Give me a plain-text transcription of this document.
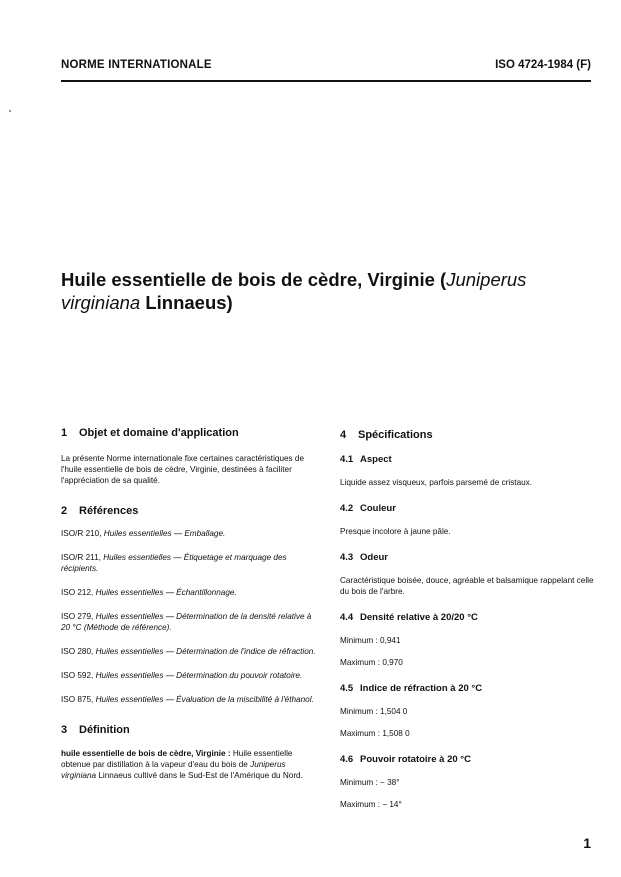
NORME INTERNATIONALE	ISO 4724-1984 (F)
Huile essentielle de bois de cèdre, Virginie (Juniperus
virginiana Linnaeus)
1 Objet et domaine d'application

La présente Norme internationale fixe certaines caractéristiques de l'huile essentielle de bois de cèdre, Virginie, destinées à faciliter l'appréciation de sa qualité.

2 Références

ISO/R 210, Huiles essentielles — Emballage.

ISO/R 211, Huiles essentielles — Étiquetage et marquage des récipients.

ISO 212, Huiles essentielles — Échantillonnage.

ISO 279, Huiles essentielles — Détermination de la densité relative à 20 °C (Méthode de référence).

ISO 280, Huiles essentielles — Détermination de l'indice de réfraction.

ISO 592, Huiles essentielles — Détermination du pouvoir rotatoire.

ISO 875, Huiles essentielles — Évaluation de la miscibilité à l'éthanol.

3 Définition

huile essentielle de bois de cèdre, Virginie : Huile essentielle obtenue par distillation à la vapeur d'eau du bois de Juniperus virginiana Linnaeus cultivé dans le Sud-Est de l'Amérique du Nord.

4 Spécifications
4.1 Aspect

Liquide assez visqueux, parfois parsemé de cristaux.

4.2 Couleur

Presque incolore à jaune pâle.

4.3 Odeur

Caractéristique boisée, douce, agréable et balsamique rappelant celle du bois de l'arbre.

4.4 Densité relative à 20/20 °C

Minimum : 0,941

Maximum : 0,970

4.5 Indice de réfraction à 20 °C

Minimum : 1,504 0

Maximum : 1,508 0

4.6 Pouvoir rotatoire à 20 °C

Minimum : − 38°

Maximum : − 14°

1
